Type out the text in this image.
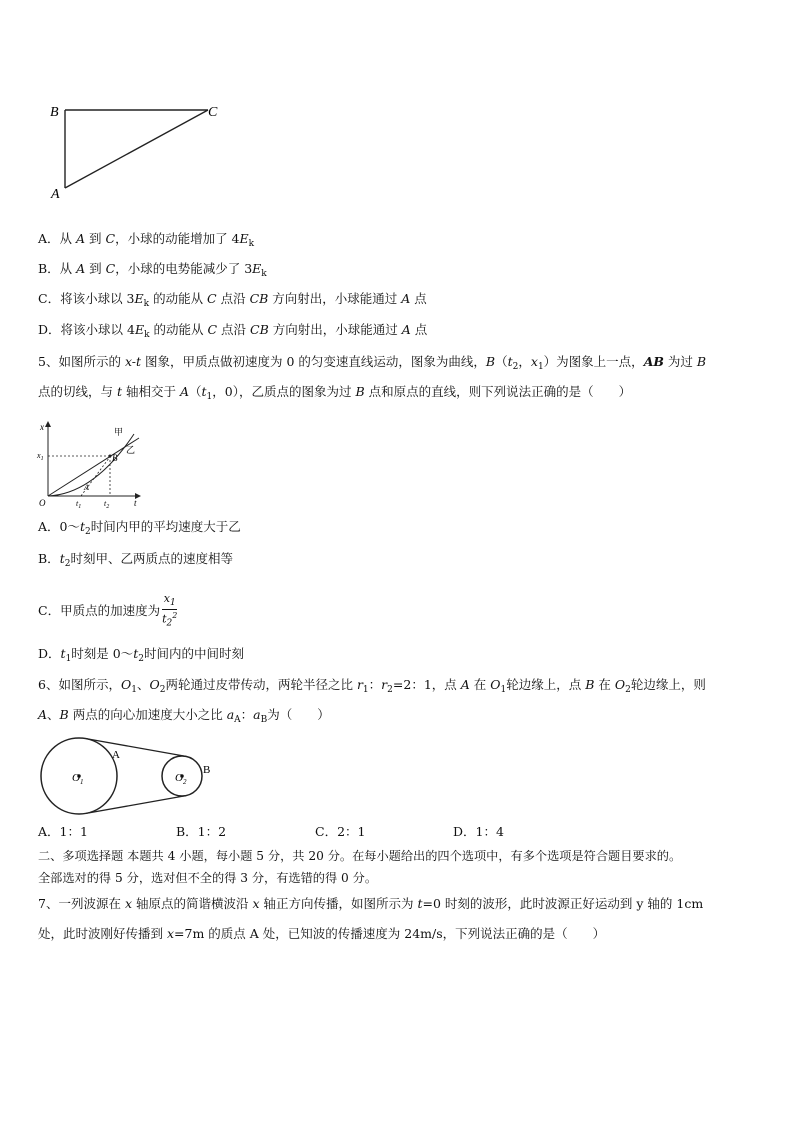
B	C
A
A．从 A 到 C，小球的动能增加了 $4E_k$
B．从 A 到 C，小球的电势能减少了 $3E_k$
C．将该小球以 $3E_k$ 的动能从 C 点沿 CB 方向射出，小球能通过 A 点
D．将该小球以 $4E_k$ 的动能从 C 点沿 CB 方向射出，小球能通过 A 点
5、如图所示的 x-t 图象，甲质点做初速度为 0 的匀变速直线运动，图象为曲线，$B(t_2$，$x_1$）为图象上一点，AB 为过 B
点的切线，与 t 轴相交于 $A(t_1$，0），乙质点的图象为过 B 点和原点的直线，则下列说法正确的是（　　）
x
t
O
$x_1$
$t_1$	$t_2$
甲
乙
B
A
A．$0\sim t_2$时间内甲的平均速度大于乙
B．$t_2$时刻甲、乙两质点的速度相等
C．甲质点的加速度为 $\frac{x_1}{t_2^2}$
D．$t_1$时刻是 $0\sim t_2$时间内的中间时刻
6、如图所示，$O_1$、$O_2$两轮通过皮带传动，两轮半径之比 $r_1$：$r_2=2$：1，点 A 在 $O_1$轮边缘上，点 B 在 $O_2$轮边缘上，则
A、B 两点的向心加速度大小之比 $a_A$：$a_B$为（　　）
$O_1$	$O_2$
A
B
A．1：1	B．1：2	C．2：1	D．1：4
二、多项选择题 本题共 4 小题，每小题 5 分，共 20 分。在每小题给出的四个选项中，有多个选项是符合题目要求的。
全部选对的得 5 分，选对但不全的得 3 分，有选错的得 0 分。
7、一列波源在 x 轴原点的简谐横波沿 x 轴正方向传播，如图所示为 t=0 时刻的波形，此时波源正好运动到 y 轴的 1cm
处，此时波刚好传播到 x=7m 的质点 A 处，已知波的传播速度为 24m/s，下列说法正确的是（　　）
